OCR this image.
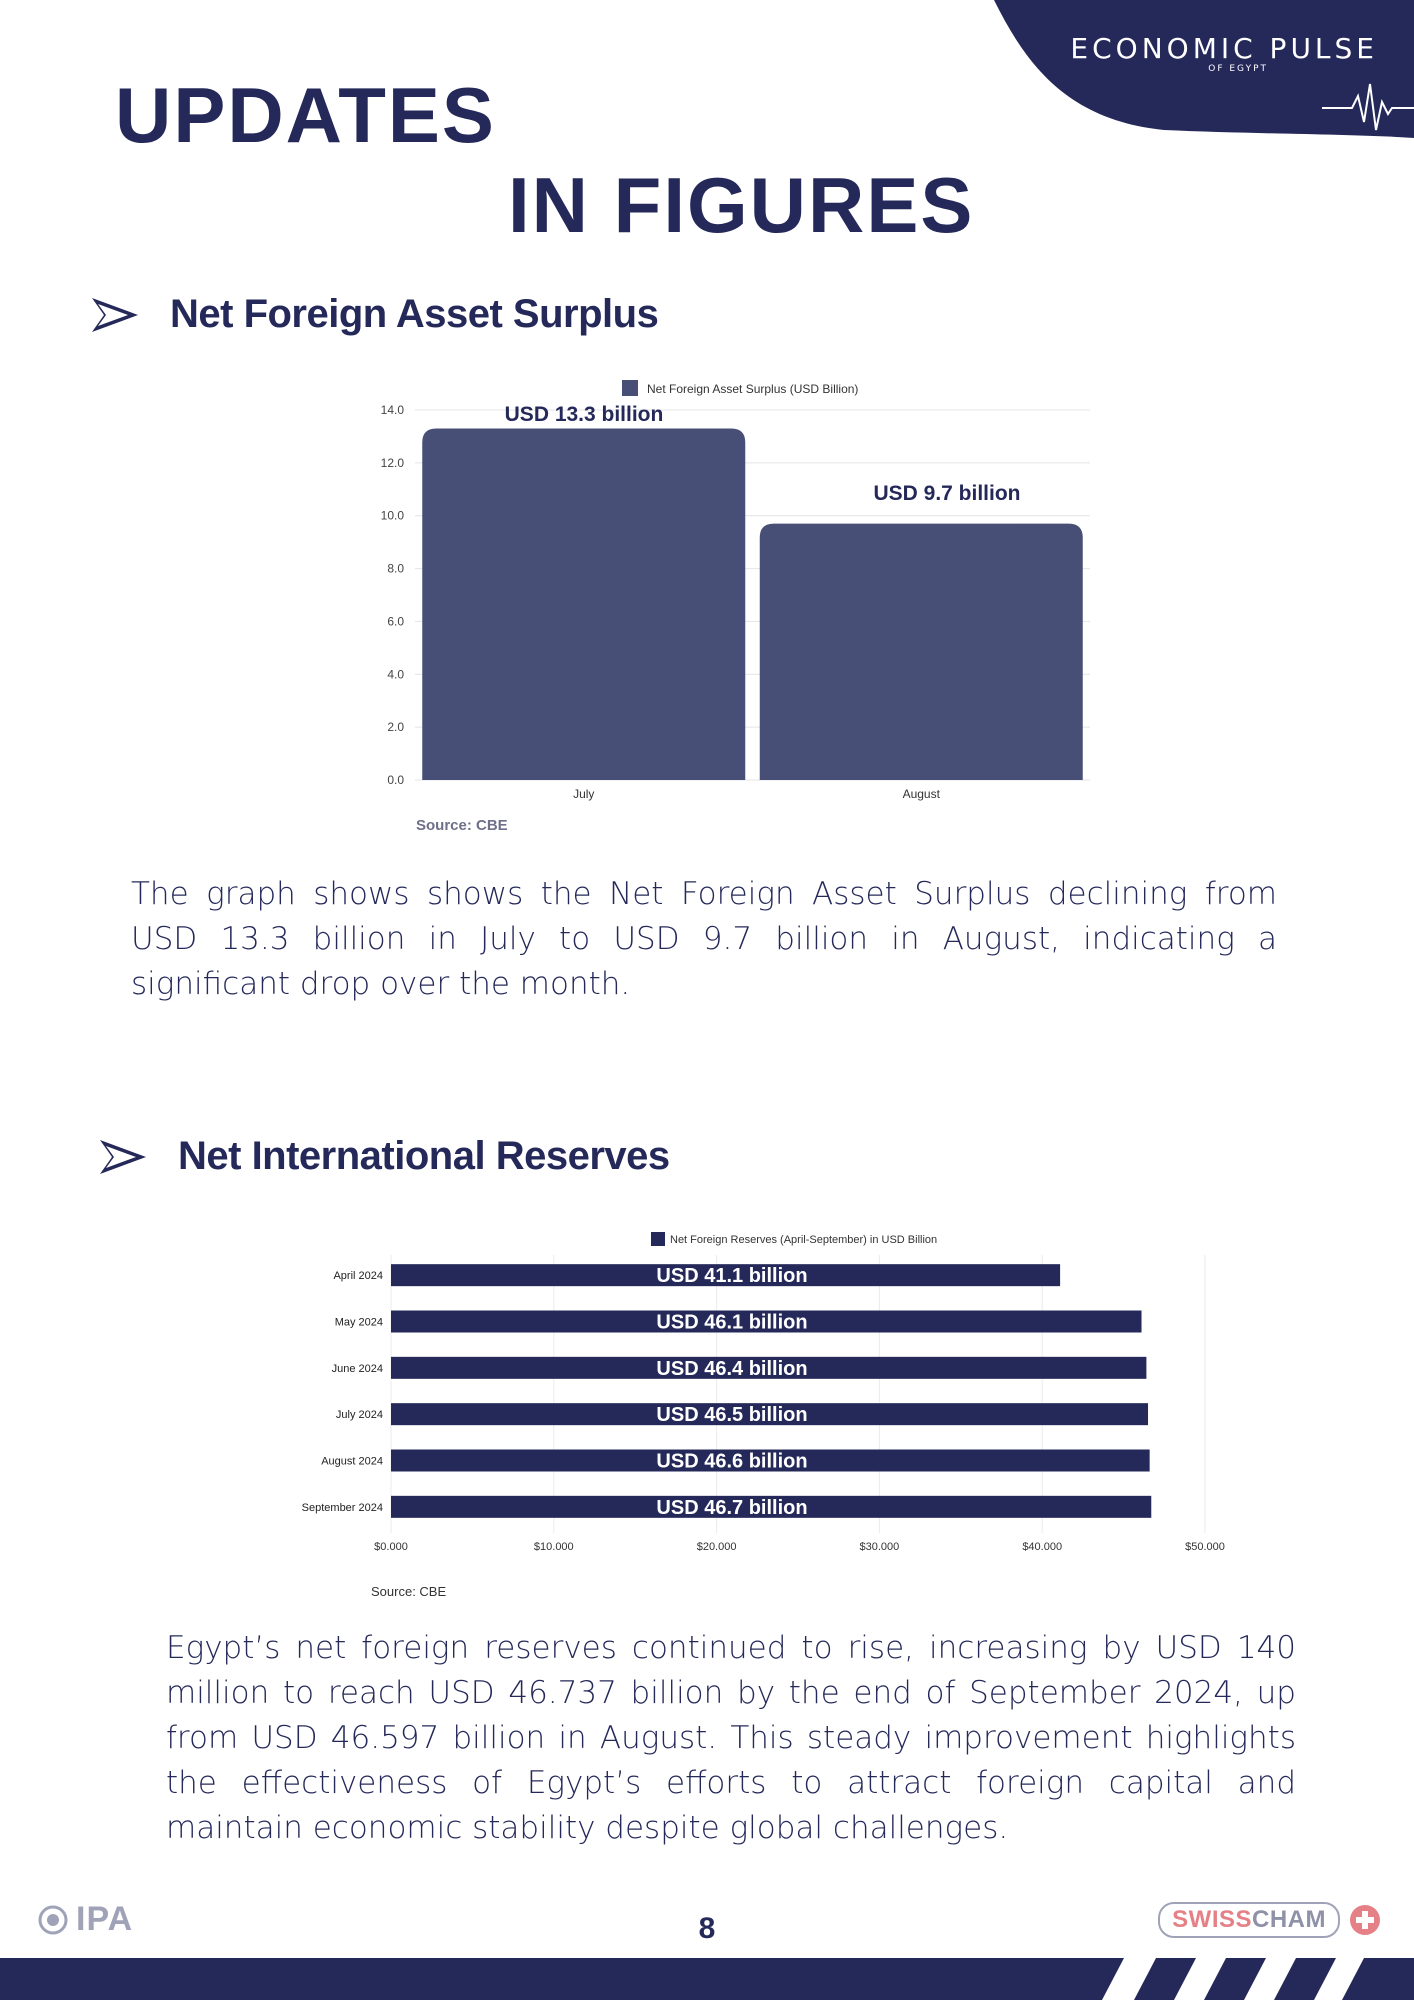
ECONOMIC PULSE
OF EGYPT
UPDATES
IN FIGURES
Net Foreign Asset Surplus
0.0
2.0
4.0
6.0
8.0
10.0
12.0
14.0
Net Foreign Asset Surplus (USD Billion)
July	August
USD 13.3 billion
USD 9.7 billion
Source: CBE
The graph shows shows the Net Foreign Asset Surplus declining from USD 13.3 billion in July to USD 9.7 billion in August, indicating a significant drop over the month.
Net International Reserves
$0.000	$10.000	$20.000	$30.000	$40.000	$50.000
Net Foreign Reserves (April-September) in USD Billion
April 2024	USD 41.1 billion
May 2024	USD 46.1 billion
June 2024	USD 46.4 billion
July 2024	USD 46.5 billion
August 2024	USD 46.6 billion
September 2024	USD 46.7 billion
Source: CBE
Egypt’s net foreign reserves continued to rise, increasing by USD 140 million to reach USD 46.737 billion by the end of September 2024, up from USD 46.597 billion in August. This steady improvement highlights the effectiveness of Egypt’s efforts to attract foreign capital and maintain economic stability despite global challenges.
IPA	8	SWISSCHAM
